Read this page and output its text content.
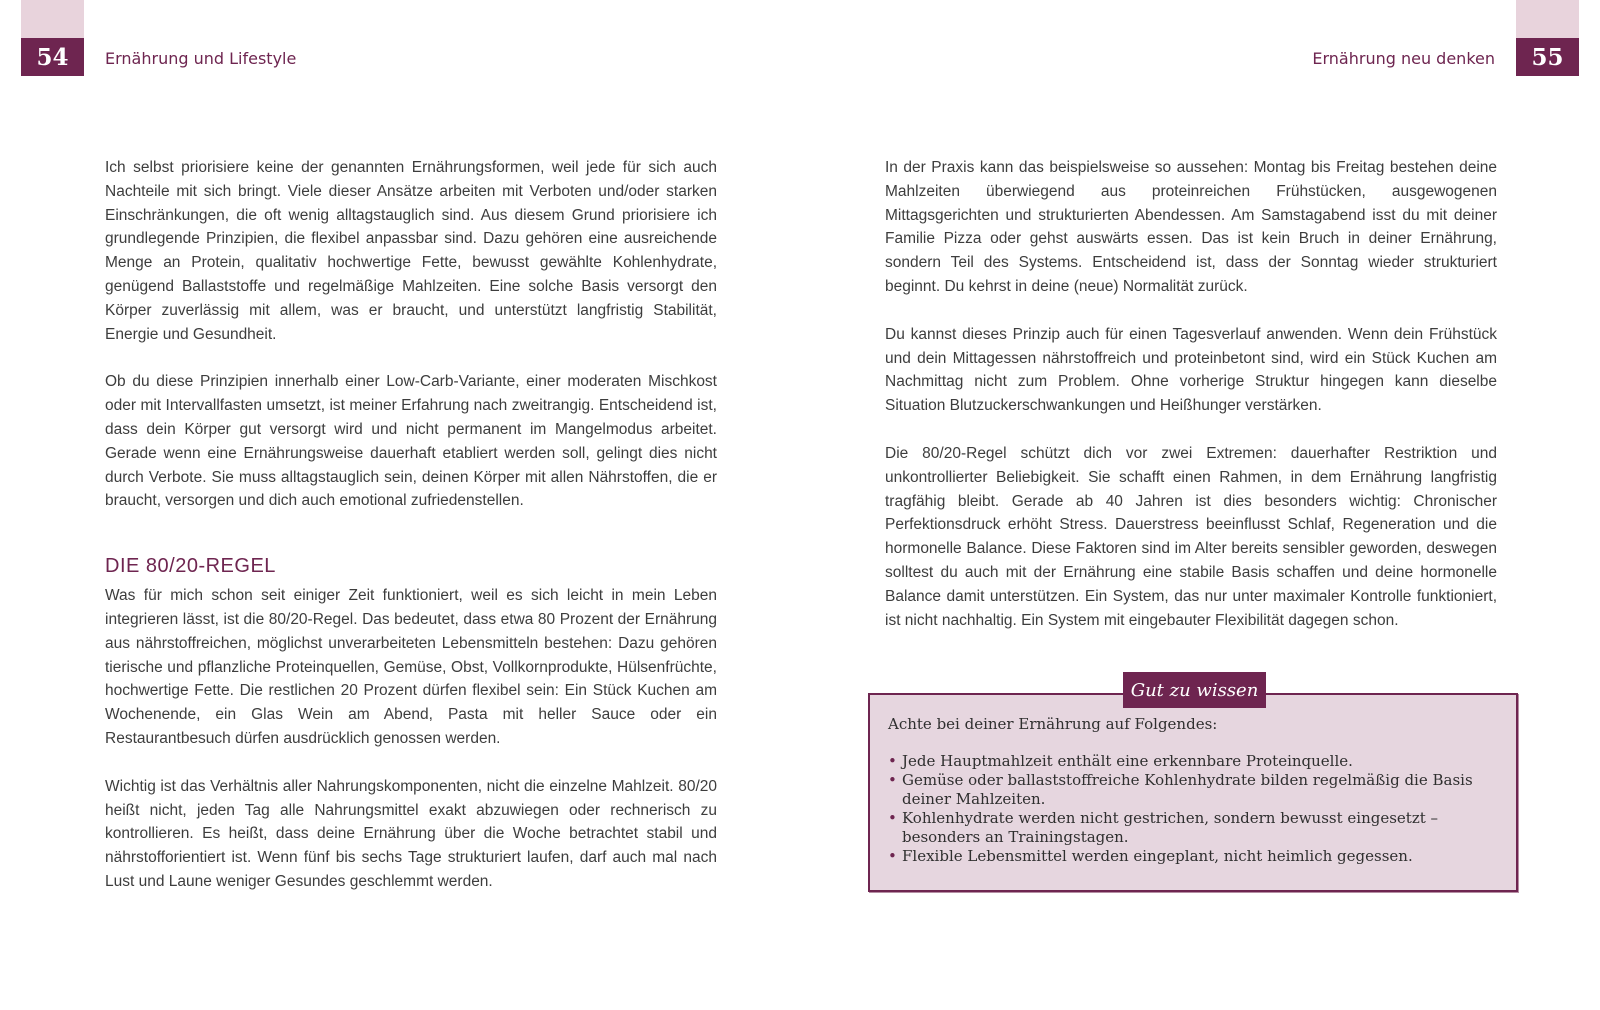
54	Ernährung und Lifestyle	55
Ernährung neu denken

Ich selbst priorisiere keine der genannten Ernährungsformen, weil jede für sich auch Nachteile mit sich bringt. Viele dieser Ansätze arbeiten mit Verboten und/oder starken Einschränkungen, die oft wenig alltagstauglich sind. Aus diesem Grund priorisiere ich grundlegende Prinzipien, die flexibel anpassbar sind. Dazu gehören eine ausreichende Menge an Protein, qualitativ hochwertige Fette, bewusst gewählte Kohlenhydrate, genügend Ballaststoffe und regelmäßige Mahlzeiten. Eine solche Basis versorgt den Körper zuverlässig mit allem, was er braucht, und unterstützt langfristig Stabilität, Energie und Gesundheit.

Ob du diese Prinzipien innerhalb einer Low-Carb-Variante, einer moderaten Mischkost oder mit Intervallfasten umsetzt, ist meiner Erfahrung nach zweitrangig. Entscheidend ist, dass dein Körper gut versorgt wird und nicht permanent im Mangelmodus arbeitet. Gerade wenn eine Ernährungsweise dauerhaft etabliert werden soll, gelingt dies nicht durch Verbote. Sie muss alltagstauglich sein, deinen Körper mit allen Nährstoffen, die er braucht, versorgen und dich auch emotional zufriedenstellen.

DIE 80/20-REGEL

Was für mich schon seit einiger Zeit funktioniert, weil es sich leicht in mein Leben integrieren lässt, ist die 80/20-Regel. Das bedeutet, dass etwa 80 Prozent der Ernährung aus nährstoffreichen, möglichst unverarbeiteten Lebensmitteln bestehen: Dazu gehören tierische und pflanzliche Proteinquellen, Gemüse, Obst, Vollkornprodukte, Hülsenfrüchte, hochwertige Fette. Die restlichen 20 Prozent dürfen flexibel sein: Ein Stück Kuchen am Wochenende, ein Glas Wein am Abend, Pasta mit heller Sauce oder ein Restaurantbesuch dürfen ausdrücklich genossen werden.

Wichtig ist das Verhältnis aller Nahrungskomponenten, nicht die einzelne Mahlzeit. 80/20 heißt nicht, jeden Tag alle Nahrungsmittel exakt abzuwiegen oder rechnerisch zu kontrollieren. Es heißt, dass deine Ernährung über die Woche betrachtet stabil und nährstofforientiert ist. Wenn fünf bis sechs Tage strukturiert laufen, darf auch mal nach Lust und Laune weniger Gesundes geschlemmt werden.

In der Praxis kann das beispielsweise so aussehen: Montag bis Freitag bestehen deine Mahlzeiten überwiegend aus proteinreichen Frühstücken, ausgewogenen Mittagsgerichten und strukturierten Abendessen. Am Samstagabend isst du mit deiner Familie Pizza oder gehst auswärts essen. Das ist kein Bruch in deiner Ernährung, sondern Teil des Systems. Entscheidend ist, dass der Sonntag wieder strukturiert beginnt. Du kehrst in deine (neue) Normalität zurück.

Du kannst dieses Prinzip auch für einen Tagesverlauf anwenden. Wenn dein Frühstück und dein Mittagessen nährstoffreich und proteinbetont sind, wird ein Stück Kuchen am Nachmittag nicht zum Problem. Ohne vorherige Struktur hingegen kann dieselbe Situation Blutzuckerschwankungen und Heißhunger verstärken.

Die 80/20-Regel schützt dich vor zwei Extremen: dauerhafter Restriktion und unkontrollierter Beliebigkeit. Sie schafft einen Rahmen, in dem Ernährung langfristig tragfähig bleibt. Gerade ab 40 Jahren ist dies besonders wichtig: Chronischer Perfektionsdruck erhöht Stress. Dauerstress beeinflusst Schlaf, Regeneration und die hormonelle Balance. Diese Faktoren sind im Alter bereits sensibler geworden, deswegen solltest du auch mit der Ernährung eine stabile Basis schaffen und deine hormonelle Balance damit unterstützen. Ein System, das nur unter maximaler Kontrolle funktioniert, ist nicht nachhaltig. Ein System mit eingebauter Flexibilität dagegen schon.

Achte bei deiner Ernährung auf Folgendes:

• Jede Hauptmahlzeit enthält eine erkennbare Proteinquelle.
• Gemüse oder ballaststoffreiche Kohlenhydrate bilden regelmäßig die Basis deiner Mahlzeiten.
• Kohlenhydrate werden nicht gestrichen, sondern bewusst eingesetzt – besonders an Trainingstagen.
• Flexible Lebensmittel werden eingeplant, nicht heimlich gegessen.
Gut zu wissen
